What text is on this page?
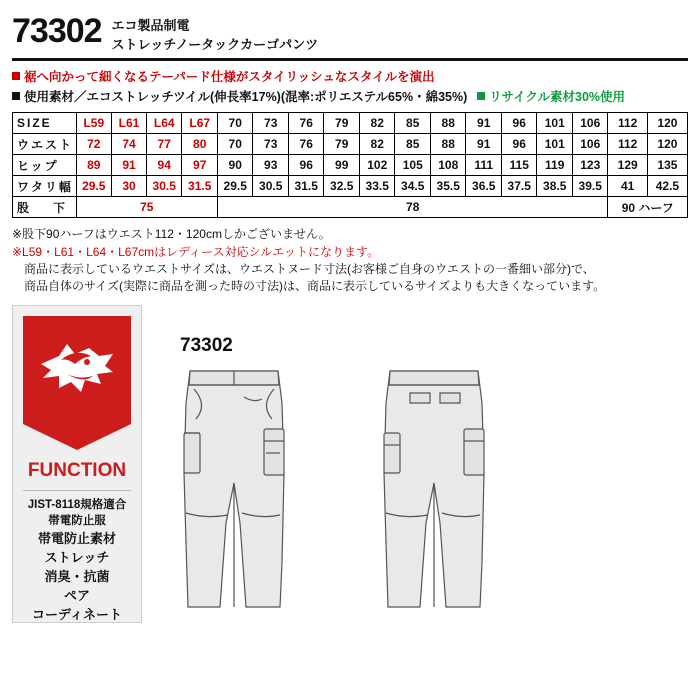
73302 エコ製品制電
ストレッチノータックカーゴパンツ
裾へ向かって細くなるテーパード仕様がスタイリッシュなスタイルを演出
使用素材／エコストレッチツイル(伸長率17%)(混率:ポリエステル65%・綿35%)	リサイクル素材30%使用
SIZE	L59	L61	L64	L67	70	73	76	79	82	85	88	91	96	101	106	112	120
ウエスト	72	74	77	80	70	73	76	79	82	85	88	91	96	101	106	112	120
ヒップ	89	91	94	97	90	93	96	99	102	105	108	111	115	119	123	129	135
ワタリ幅	29.5	30	30.5	31.5	29.5	30.5	31.5	32.5	33.5	34.5	35.5	36.5	37.5	38.5	39.5	41	42.5
股　下	75				78											90 ハーフ	
※股下90ハーフはウエスト112・120cmしかございません。
※L59・L61・L64・L67cmはレディース対応シルエットになります。
商品に表示しているウエストサイズは、ウエストヌード寸法(お客様ご自身のウエストの一番細い部分)で、
商品自体のサイズ(実際に商品を測った時の寸法)は、商品に表示しているサイズよりも大きくなっています。
FUNCTION
JIST-8118規格適合
帯電防止服
帯電防止素材
ストレッチ
消臭・抗菌
ペア
コーディネート
73302
